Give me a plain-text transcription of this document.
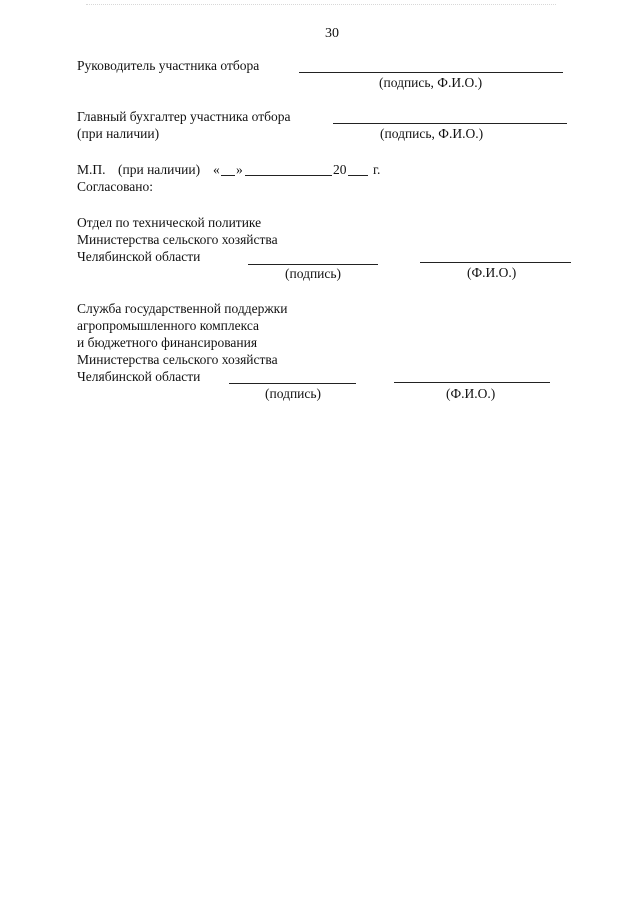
30
Руководитель участника отбора
(подпись, Ф.И.О.)
Главный бухгалтер участника отбора
(при наличии)	(подпись, Ф.И.О.)
М.П. (при наличии) « »	20 г.
Согласовано:
Отдел по технической политике
Министерства сельского хозяйства
Челябинской области
(подпись)	(Ф.И.О.)
Служба государственной поддержки
агропромышленного комплекса
и бюджетного финансирования
Министерства сельского хозяйства
Челябинской области
(подпись)	(Ф.И.О.)
